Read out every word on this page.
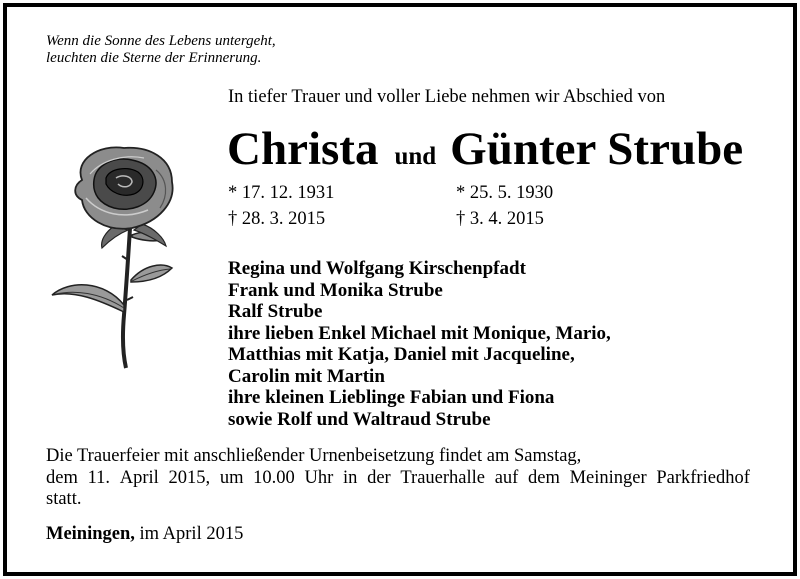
Wenn die Sonne des Lebens untergeht,
leuchten die Sterne der Erinnerung.
In tiefer Trauer und voller Liebe nehmen wir Abschied von
Christa und Günter Strube
* 17. 12. 1931
† 28. 3. 2015
* 25. 5. 1930
† 3. 4. 2015
Regina und Wolfgang Kirschenpfadt
Frank und Monika Strube
Ralf Strube
ihre lieben Enkel Michael mit Monique, Mario,
Matthias mit Katja, Daniel mit Jacqueline,
Carolin mit Martin
ihre kleinen Lieblinge Fabian und Fiona
sowie Rolf und Waltraud Strube
Die Trauerfeier mit anschließender Urnenbeisetzung findet am Samstag,
dem 11. April 2015, um 10.00 Uhr in der Trauerhalle auf dem Meininger Parkfriedhof
statt.
Meiningen, im April 2015
